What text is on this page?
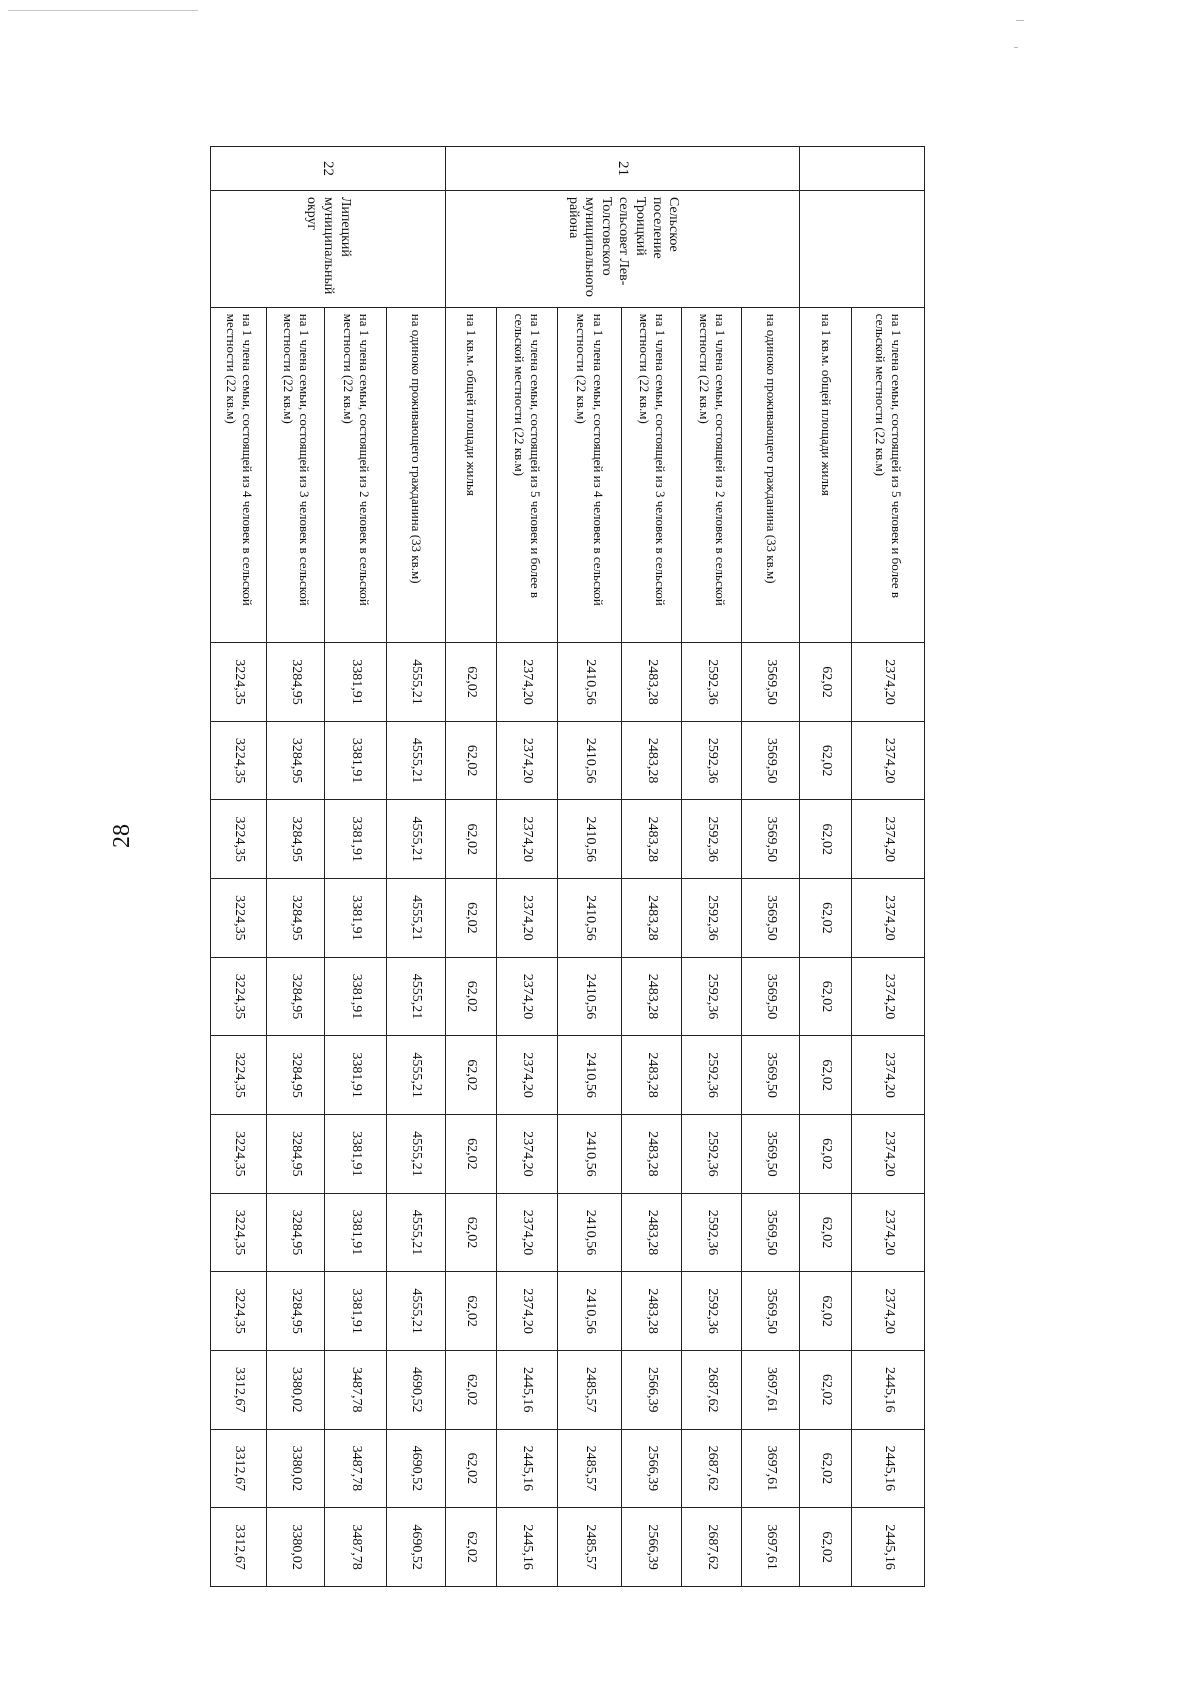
28
		на 1 члена семьи, состоящей из 5 человек и более в сельской местности (22 кв.м)	2374,20	2374,20	2374,20	2374,20	2374,20	2374,20	2374,20	2374,20	2374,20	2445,16	2445,16	2445,16
		на 1 кв.м. общей площади жилья	62,02	62,02	62,02	62,02	62,02	62,02	62,02	62,02	62,02	62,02	62,02	62,02
21	Сельское поселение Троицкий сельсовет Лев-Толстовского муниципального района	на одиноко проживающего гражданина (33 кв.м)	3569,50	3569,50	3569,50	3569,50	3569,50	3569,50	3569,50	3569,50	3569,50	3697,61	3697,61	3697,61
		на 1 члена семьи, состоящей из 2 человек в сельской местности (22 кв.м)	2592,36	2592,36	2592,36	2592,36	2592,36	2592,36	2592,36	2592,36	2592,36	2687,62	2687,62	2687,62
		на 1 члена семьи, состоящей из 3 человек в сельской местности (22 кв.м)	2483,28	2483,28	2483,28	2483,28	2483,28	2483,28	2483,28	2483,28	2483,28	2566,39	2566,39	2566,39
		на 1 члена семьи, состоящей из 4 человек в сельской местности (22 кв.м)	2410,56	2410,56	2410,56	2410,56	2410,56	2410,56	2410,56	2410,56	2410,56	2485,57	2485,57	2485,57
		на 1 члена семьи, состоящей из 5 человек и более в сельской местности (22 кв.м)	2374,20	2374,20	2374,20	2374,20	2374,20	2374,20	2374,20	2374,20	2374,20	2445,16	2445,16	2445,16
		на 1 кв.м. общей площади жилья	62,02	62,02	62,02	62,02	62,02	62,02	62,02	62,02	62,02	62,02	62,02	62,02
22	Липецкий муниципальный округ	на одиноко проживающего гражданина (33 кв.м)	4555,21	4555,21	4555,21	4555,21	4555,21	4555,21	4555,21	4555,21	4555,21	4690,52	4690,52	4690,52
		на 1 члена семьи, состоящей из 2 человек в сельской местности (22 кв.м)	3381,91	3381,91	3381,91	3381,91	3381,91	3381,91	3381,91	3381,91	3381,91	3487,78	3487,78	3487,78
		на 1 члена семьи, состоящей из 3 человек в сельской местности (22 кв.м)	3284,95	3284,95	3284,95	3284,95	3284,95	3284,95	3284,95	3284,95	3284,95	3380,02	3380,02	3380,02
		на 1 члена семьи, состоящей из 4 человек в сельской местности (22 кв.м)	3224,35	3224,35	3224,35	3224,35	3224,35	3224,35	3224,35	3224,35	3224,35	3312,67	3312,67	3312,67
